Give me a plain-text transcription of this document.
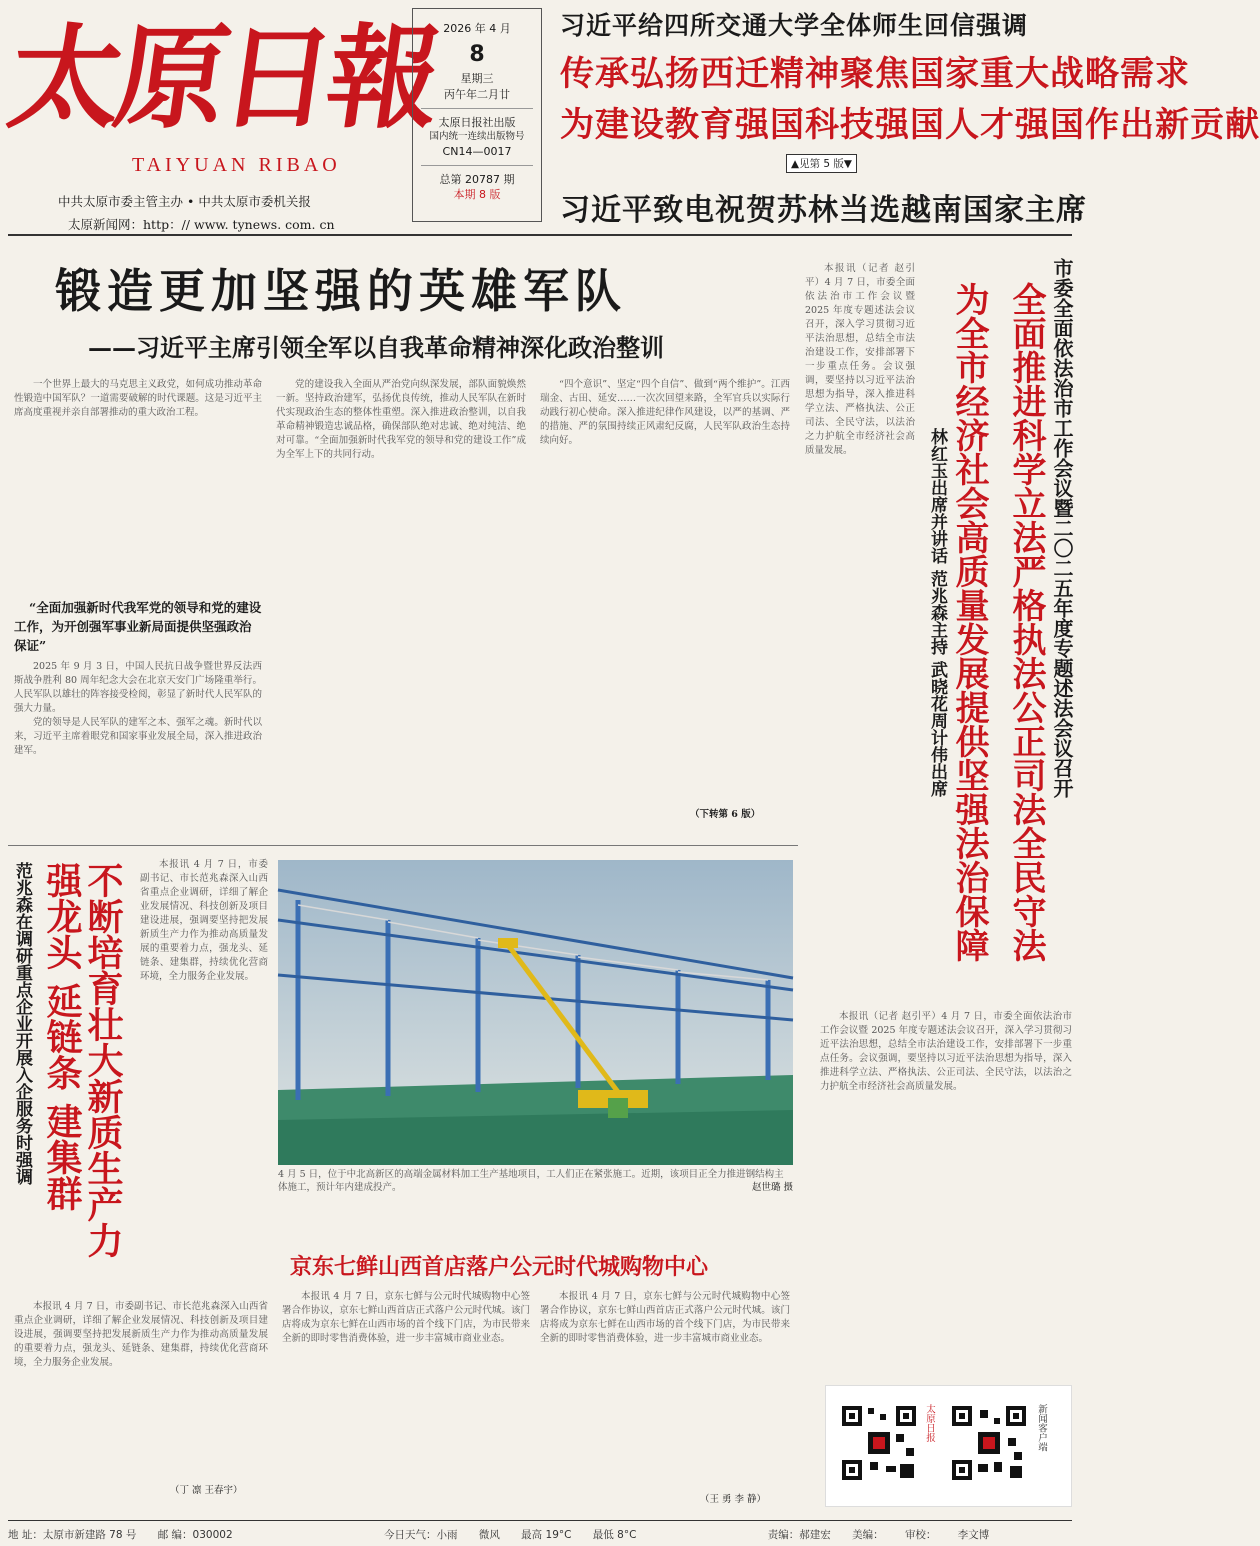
太原日報
TAIYUAN RIBAO
中共太原市委主管主办 • 中共太原市委机关报
太原新闻网：http：// www. tynews. com. cn
2026 年 4 月
8
星期三
丙午年二月廿
太原日报社出版
国内统一连续出版物号
CN14—0017
总第 20787 期
本期 8 版
习近平给四所交通大学全体师生回信强调
传承弘扬西迁精神聚焦国家重大战略需求
为建设教育强国科技强国人才强国作出新贡献
▲见第 5 版▼
习近平致电祝贺苏林当选越南国家主席
锻造更加坚强的英雄军队
——习近平主席引领全军以自我革命精神深化政治整训

一个世界上最大的马克思主义政党，如何成功推动革命性锻造中国军队？一道需要破解的时代课题。这是习近平主席高度重视并亲自部署推动的重大政治工程。

“全面加强新时代我军党的领导和党的建设工作，为开创强军事业新局面提供坚强政治保证”

2025 年 9 月 3 日，中国人民抗日战争暨世界反法西斯战争胜利 80 周年纪念大会在北京天安门广场隆重举行。人民军队以雄壮的阵容接受检阅，彰显了新时代人民军队的强大力量。

党的领导是人民军队的建军之本、强军之魂。新时代以来，习近平主席着眼党和国家事业发展全局，深入推进政治建军。

党的建设我入全面从严治党向纵深发展，部队面貌焕然一新。坚持政治建军，弘扬优良传统，推动人民军队在新时代实现政治生态的整体性重塑。深入推进政治整训，以自我革命精神锻造忠诚品格，确保部队绝对忠诚、绝对纯洁、绝对可靠。“全面加强新时代我军党的领导和党的建设工作”成为全军上下的共同行动。

“四个意识”、坚定“四个自信”、做到“两个维护”。江西瑞金、古田、延安……一次次回望来路，全军官兵以实际行动践行初心使命。深入推进纪律作风建设，以严的基调、严的措施、严的氛围持续正风肃纪反腐，人民军队政治生态持续向好。

（下转第 6 版）
市委全面依法治市工作会议暨二〇二五年度专题述法会议召开
全面推进科学立法严格执法公正司法全民守法
为全市经济社会高质量发展提供坚强法治保障
林红玉出席并讲话 范兆森主持 武晓花周计伟出席

本报讯（记者 赵引平）4 月 7 日，市委全面依法治市工作会议暨 2025 年度专题述法会议召开，深入学习贯彻习近平法治思想，总结全市法治建设工作，安排部署下一步重点任务。会议强调，要坚持以习近平法治思想为指导，深入推进科学立法、严格执法、公正司法、全民守法，以法治之力护航全市经济社会高质量发展。

本报讯（记者 赵引平）4 月 7 日，市委全面依法治市工作会议暨 2025 年度专题述法会议召开，深入学习贯彻习近平法治思想，总结全市法治建设工作，安排部署下一步重点任务。会议强调，要坚持以习近平法治思想为指导，深入推进科学立法、严格执法、公正司法、全民守法，以法治之力护航全市经济社会高质量发展。

范兆森在调研重点企业开展入企服务时强调 不断培育壮大新质生产力
强龙头 延链条 建集群	本报讯 4 月 7 日，市委副书记、市长范兆森深入山西省重点企业调研，详细了解企业发展情况、科技创新及项目建设进展，强调要坚持把发展新质生产力作为推动高质量发展的重要着力点，强龙头、延链条、建集群，持续优化营商环境，全力服务企业发展。

本报讯 4 月 7 日，市委副书记、市长范兆森深入山西省重点企业调研，详细了解企业发展情况、科技创新及项目建设进展，强调要坚持把发展新质生产力作为推动高质量发展的重要着力点，强龙头、延链条、建集群，持续优化营商环境，全力服务企业发展。

（丁 凛 王春宇）
4 月 5 日，位于中北高新区的高端金属材料加工生产基地项目，工人们正在紧张施工。近期，该项目正全力推进钢结构主体施工，预计年内建成投产。	赵世璐 摄
京东七鲜山西首店落户公元时代城购物中心

本报讯 4 月 7 日，京东七鲜与公元时代城购物中心签署合作协议，京东七鲜山西首店正式落户公元时代城。该门店将成为京东七鲜在山西市场的首个线下门店，为市民带来全新的即时零售消费体验，进一步丰富城市商业业态。

本报讯 4 月 7 日，京东七鲜与公元时代城购物中心签署合作协议，京东七鲜山西首店正式落户公元时代城。该门店将成为京东七鲜在山西市场的首个线下门店，为市民带来全新的即时零售消费体验，进一步丰富城市商业业态。

（王 勇 李 静）
太原日报	新闻客户端
地 址：太原市新建路 78 号 邮 编：030002	今日天气：小雨 微风 最高 19°C 最低 8°C	责编：郝建宏 美编： 审校： 李文博
